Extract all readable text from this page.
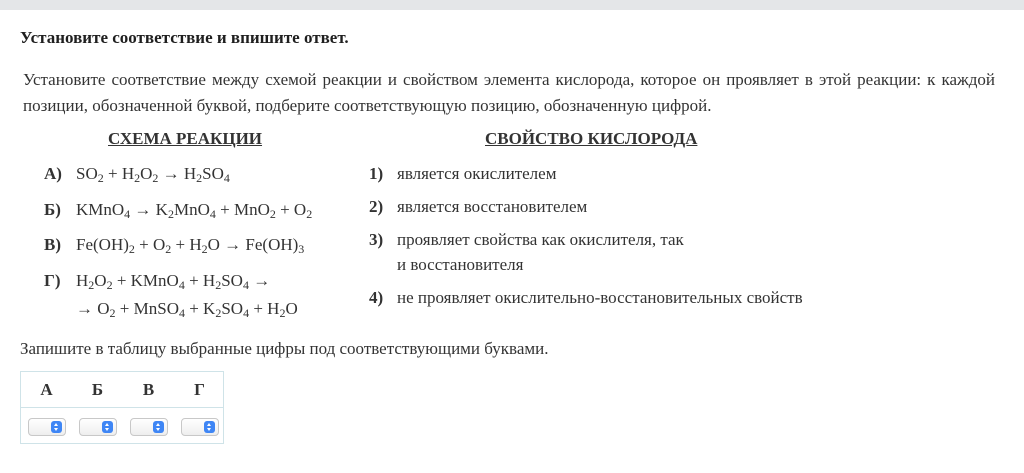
Установите соответствие и впишите ответ.
Установите соответствие между схемой реакции и свойством элемента кислорода, которое он проявляет в этой реакции: к каждой позиции, обозначенной буквой, подберите соответствующую позицию, обозначенную цифрой.
СХЕМА РЕАКЦИИ	СВОЙСТВО КИСЛОРОДА
А) $SO_2 + H_2O_2 \to H_2SO_4$
Б) KMnO$_4$ → $K_2MnO_4 + MnO_2 + O_2$
В) $Fe(OH)_2 + O_2 + H_2O \to Fe(OH)_3$
Г) $H_2O_2$ + KMnO$_4$ + $H_2SO_4$ →
→ $O_2$ + MnSO$_4$ + $K_2SO_4 + H_2O$
1) является окислителем
2) является восстановителем
3) проявляет свойства как окислителя, так
и восстановителя
4) не проявляет окислительно-восстановительных свойств
Запишите в таблицу выбранные цифры под соответствующими буквами.
А	Б	В	Г
